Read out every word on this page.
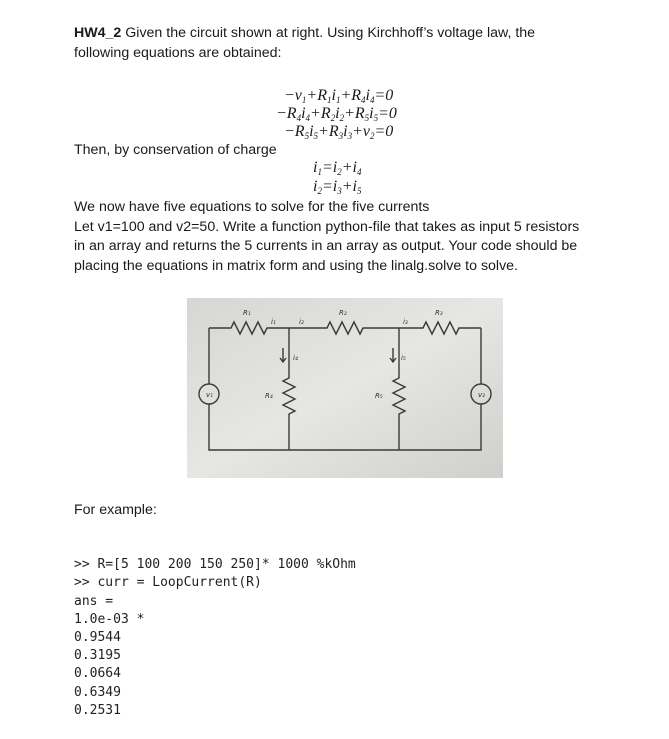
HW4_2 Given the circuit shown at right. Using Kirchhoff’s voltage law, the
following equations are obtained:
$-v_1+R_1i_1+R_4i_4=0$
$-R_4i_4+R_2i_2+R_5i_5=0$
$-R_5i_5+R_3i_3+v_2=0$
Then, by conservation of charge
$i_1=i_2+i_4$
$i_2=i_3+i_5$
We now have five equations to solve for the five currents
Let v1=100 and v2=50. Write a function python-file that takes as input 5 resistors
in an array and returns the 5 currents in an array as output. Your code should be
placing the equations in matrix form and using the linalg.solve to solve.
R₁	R₂	R₃
i₁	i₂	i₃
i₄	i₅
R₄	R₅
v₁	v₂
For example:

>> R=[5 100 200 150 250]* 1000 %kOhm
>> curr = LoopCurrent(R)
ans =
1.0e-03 *
0.9544
0.3195
0.0664
0.6349
0.2531
